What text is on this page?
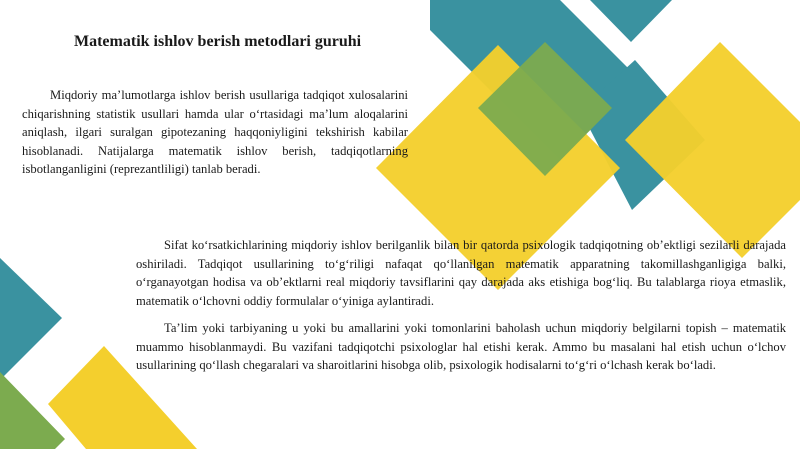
Matematik ishlov berish metodlari guruhi

Miqdoriy ma’lumotlarga ishlov berish usullariga tadqiqot xulosalarini chiqarishning statistik usullari hamda ular o‘rtasidagi ma’lum aloqalarini aniqlash, ilgari suralgan gipotezaning haqqoniyligini tekshirish kabilar hisoblanadi. Natijalarga matematik ishlov berish, tadqiqotlarning isbotlanganligini (reprezantliligi) tanlab beradi.

Sifat ko‘rsatkichlarining miqdoriy ishlov berilganlik bilan bir qatorda psixologik tadqiqotning ob’ektligi sezilarli darajada oshiriladi. Tadqiqot usullarining to‘g‘riligi nafaqat qo‘llanilgan matematik apparatning takomillashganligiga balki, o‘rganayotgan hodisa va ob’ektlarni real miqdoriy tavsiflarini qay darajada aks etishiga bog‘liq. Bu talablarga rioya etmaslik, matematik o‘lchovni oddiy formulalar o‘yiniga aylantiradi.

Ta’lim yoki tarbiyaning u yoki bu amallarini yoki tomonlarini baholash uchun miqdoriy belgilarni topish – matematik muammo hisoblanmaydi. Bu vazifani tadqiqotchi psixologlar hal etishi kerak. Ammo bu masalani hal etish uchun o‘lchov usullarining qo‘llash chegaralari va sharoitlarini hisobga olib, psixologik hodisalarni to‘g‘ri o‘lchash kerak bo‘ladi.
